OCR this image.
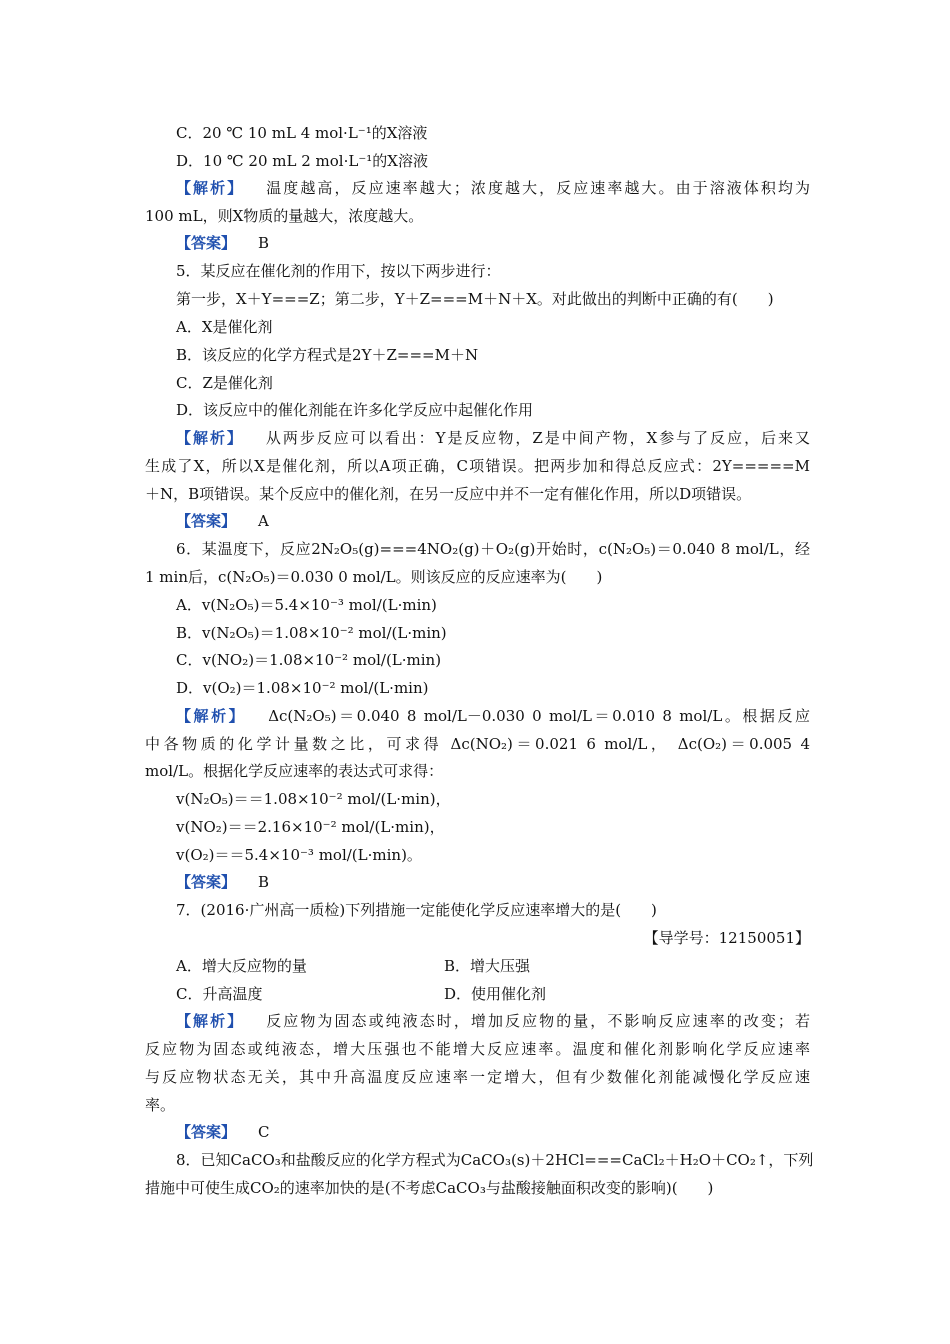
C．20 ℃ 10 mL 4 mol·L⁻¹的X溶液
D．10 ℃ 20 mL 2 mol·L⁻¹的X溶液
【解析】 温度越高，反应速率越大；浓度越大，反应速率越大。由于溶液体积均为
100 mL，则X物质的量越大，浓度越大。
【答案】 B
5．某反应在催化剂的作用下，按以下两步进行：
第一步，X＋Y===Z；第二步，Y＋Z===M＋N＋X。对此做出的判断中正确的有(　　)
A．X是催化剂
B．该反应的化学方程式是2Y＋Z===M＋N
C．Z是催化剂
D．该反应中的催化剂能在许多化学反应中起催化作用
【解析】 从两步反应可以看出：Y是反应物，Z是中间产物，X参与了反应，后来又
生成了X，所以X是催化剂，所以A项正确，C项错误。把两步加和得总反应式：2Y=====M
＋N，B项错误。某个反应中的催化剂，在另一反应中并不一定有催化作用，所以D项错误。
【答案】 A
6．某温度下，反应2N₂O₅(g)===4NO₂(g)＋O₂(g)开始时，c(N₂O₅)＝0.040 8 mol/L，经
1 min后，c(N₂O₅)＝0.030 0 mol/L。则该反应的反应速率为(　　)
A．v(N₂O₅)＝5.4×10⁻³ mol/(L·min)
B．v(N₂O₅)＝1.08×10⁻² mol/(L·min)
C．v(NO₂)＝1.08×10⁻² mol/(L·min)
D．v(O₂)＝1.08×10⁻² mol/(L·min)
【解析】 Δc(N₂O₅)＝0.040 8 mol/L－0.030 0 mol/L＝0.010 8 mol/L。根据反应
中各物质的化学计量数之比，可求得 Δc(NO₂)＝0.021 6 mol/L， Δc(O₂)＝0.005 4
mol/L。根据化学反应速率的表达式可求得：
v(N₂O₅)＝＝1.08×10⁻² mol/(L·min)，
v(NO₂)＝＝2.16×10⁻² mol/(L·min)，
v(O₂)＝＝5.4×10⁻³ mol/(L·min)。
【答案】 B
7．(2016·广州高一质检)下列措施一定能使化学反应速率增大的是(　　)
【导学号：12150051】
A．增大反应物的量	B．增大压强
C．升高温度	D．使用催化剂
【解析】 反应物为固态或纯液态时，增加反应物的量，不影响反应速率的改变；若
反应物为固态或纯液态，增大压强也不能增大反应速率。温度和催化剂影响化学反应速率
与反应物状态无关，其中升高温度反应速率一定增大，但有少数催化剂能减慢化学反应速
率。
【答案】 C
8．已知CaCO₃和盐酸反应的化学方程式为CaCO₃(s)＋2HCl===CaCl₂＋H₂O＋CO₂↑，下列
措施中可使生成CO₂的速率加快的是(不考虑CaCO₃与盐酸接触面积改变的影响)(　　)
